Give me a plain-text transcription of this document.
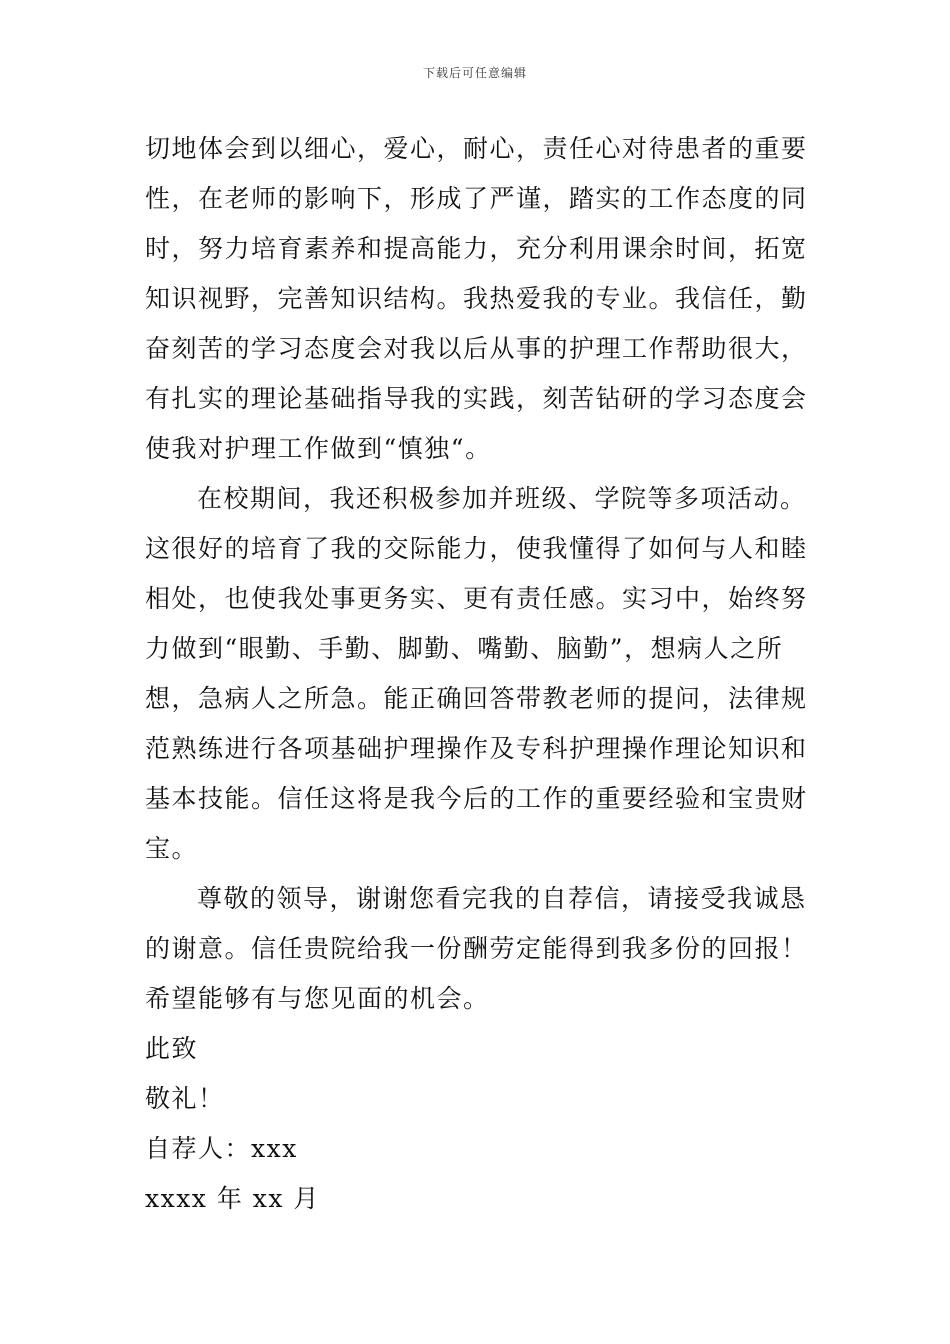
下载后可任意编辑

切地体会到以细心，爱心，耐心，责任心对待患者的重要性，在老师的影响下，形成了严谨，踏实的工作态度的同时，努力培育素养和提高能力，充分利用课余时间，拓宽知识视野，完善知识结构。我热爱我的专业。我信任，勤奋刻苦的学习态度会对我以后从事的护理工作帮助很大，有扎实的理论基础指导我的实践，刻苦钻研的学习态度会使我对护理工作做到“慎独“。

在校期间，我还积极参加并班级、学院等多项活动。这很好的培育了我的交际能力，使我懂得了如何与人和睦相处，也使我处事更务实、更有责任感。实习中，始终努力做到“眼勤、手勤、脚勤、嘴勤、脑勤”，想病人之所想，急病人之所急。能正确回答带教老师的提问，法律规范熟练进行各项基础护理操作及专科护理操作理论知识和基本技能。信任这将是我今后的工作的重要经验和宝贵财宝。

尊敬的领导，谢谢您看完我的自荐信，请接受我诚恳的谢意。信任贵院给我一份酬劳定能得到我多份的回报！

希望能够有与您见面的机会。

此致

敬礼！

自荐人：xxx

xxxx 年 xx 月
